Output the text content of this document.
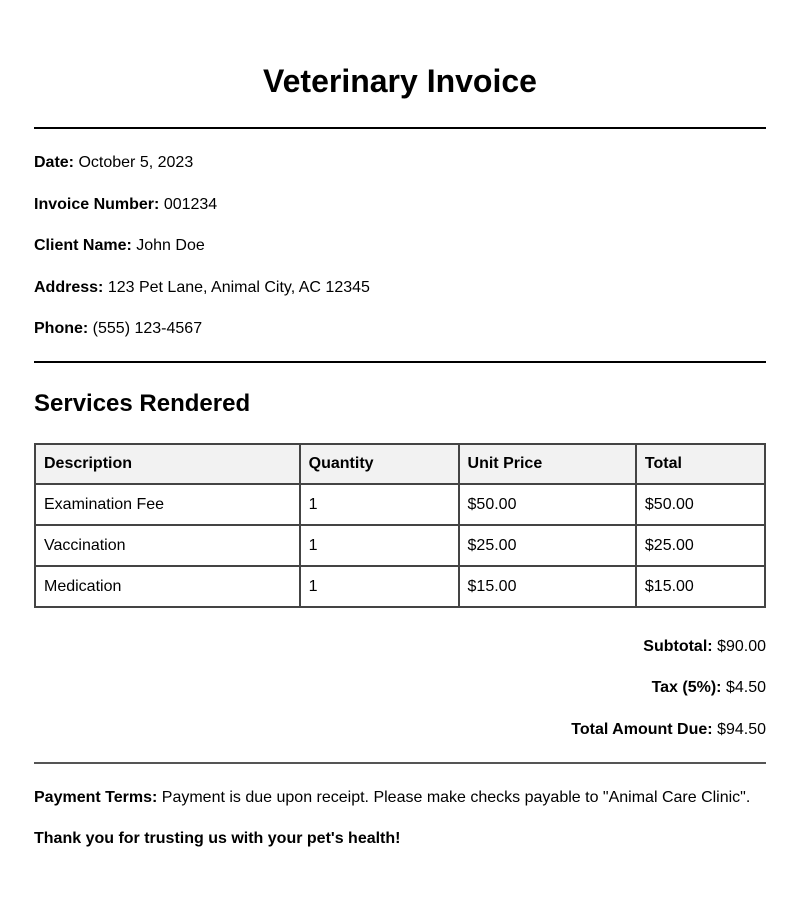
Veterinary Invoice
Date: October 5, 2023
Invoice Number: 001234
Client Name: John Doe
Address: 123 Pet Lane, Animal City, AC 12345
Phone: (555) 123-4567
Services Rendered
Description	Quantity	Unit Price	Total
Examination Fee	1	$50.00	$50.00
Vaccination	1	$25.00	$25.00
Medication	1	$15.00	$15.00
Subtotal: $90.00
Tax (5%): $4.50
Total Amount Due: $94.50
Payment Terms: Payment is due upon receipt. Please make checks payable to "Animal Care Clinic".
Thank you for trusting us with your pet's health!
